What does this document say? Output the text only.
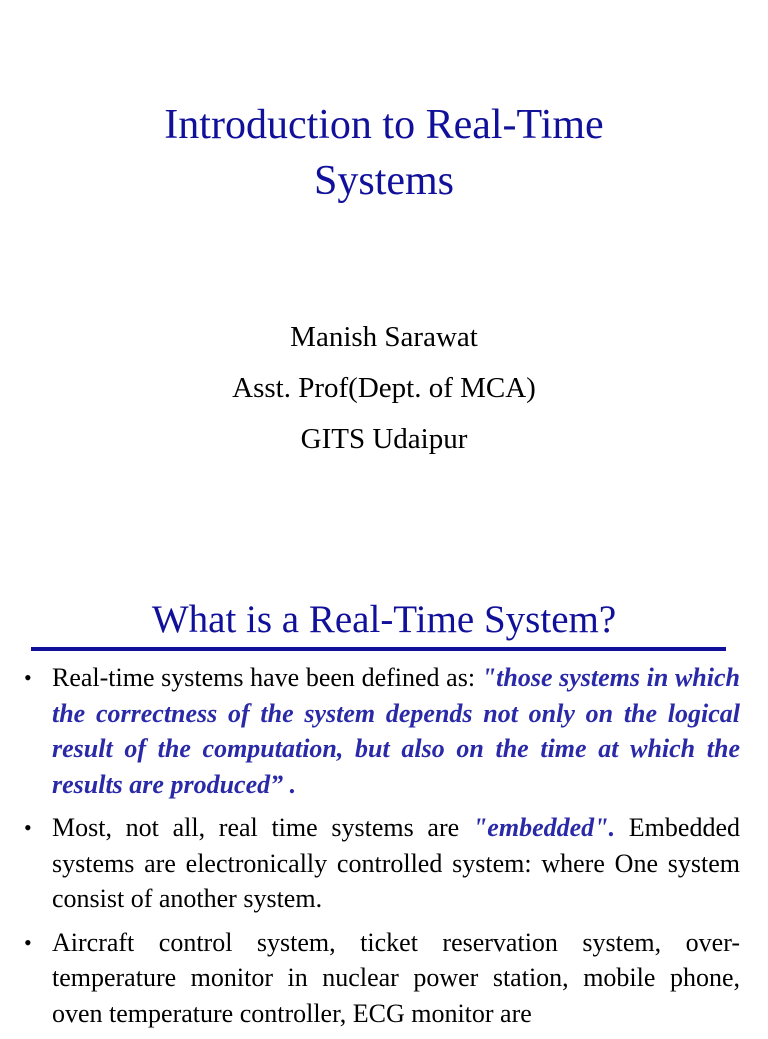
Introduction to Real-Time
Systems
Manish Sarawat
Asst. Prof(Dept. of MCA)
GITS Udaipur
What is a Real-Time System?
• Real-time systems have been defined as: "those systems in which the correctness of the system depends not only on the logical result of the computation, but also on the time at which the results are produced” .
• Most, not all, real time systems are "embedded". Embedded systems are electronically controlled system: where One system consist of another system.
• Aircraft control system, ticket reservation system, over-temperature monitor in nuclear power station, mobile phone, oven temperature controller, ECG monitor are
